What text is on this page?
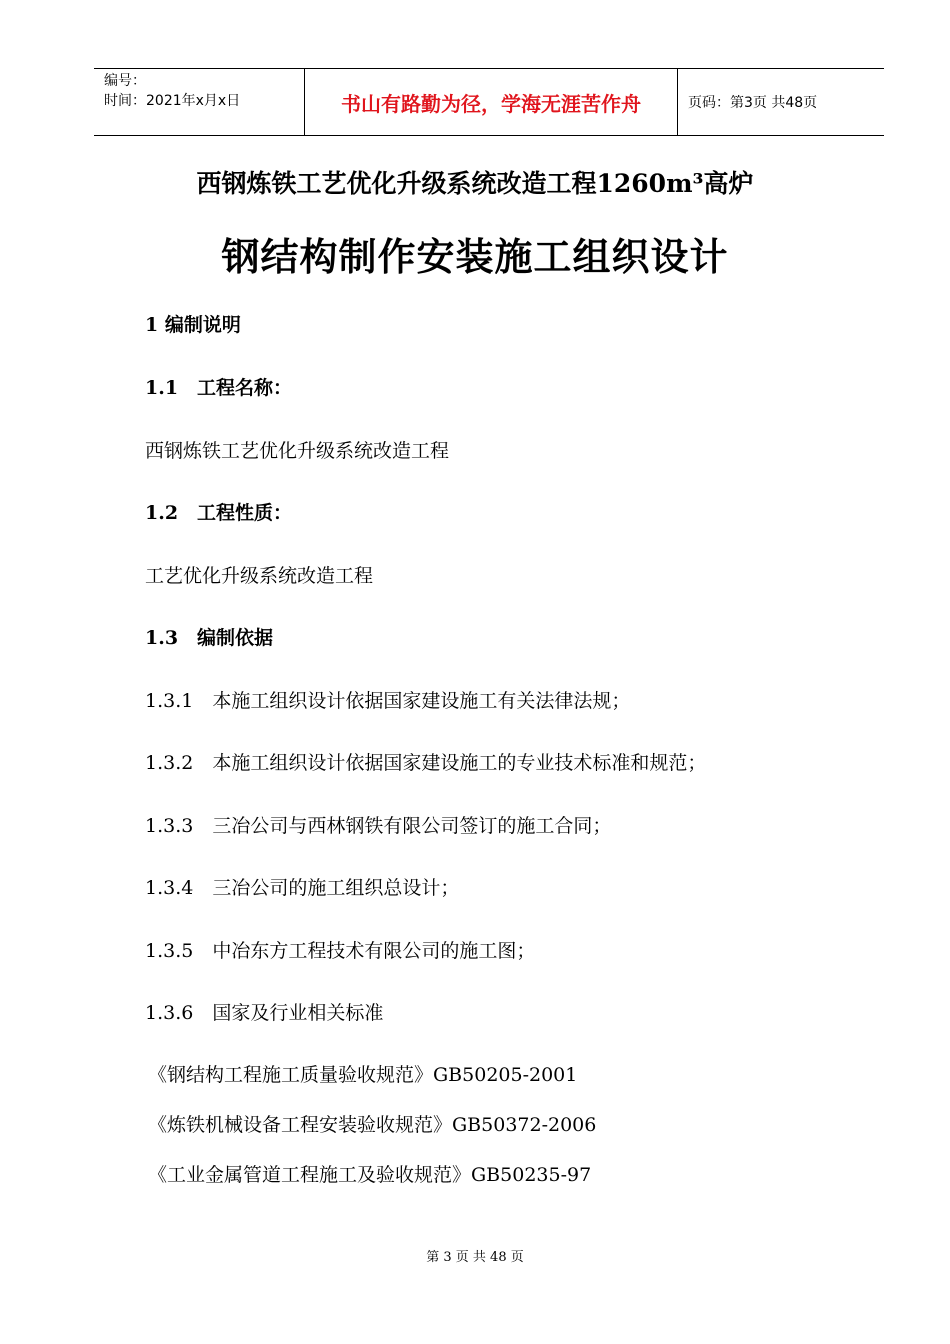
编号：
时间：2021年x月x日	书山有路勤为径，学海无涯苦作舟	页码：第3页 共48页
西钢炼铁工艺优化升级系统改造工程1260m³高炉
钢结构制作安装施工组织设计
1 编制说明
1.1　工程名称：
西钢炼铁工艺优化升级系统改造工程
1.2　工程性质：
工艺优化升级系统改造工程
1.3　编制依据
1.3.1　本施工组织设计依据国家建设施工有关法律法规；
1.3.2　本施工组织设计依据国家建设施工的专业技术标准和规范；
1.3.3　三冶公司与西林钢铁有限公司签订的施工合同；
1.3.4　三冶公司的施工组织总设计；
1.3.5　中冶东方工程技术有限公司的施工图；
1.3.6　国家及行业相关标准
《钢结构工程施工质量验收规范》GB50205-2001
《炼铁机械设备工程安装验收规范》GB50372-2006
《工业金属管道工程施工及验收规范》GB50235-97
第 3 页 共 48 页
